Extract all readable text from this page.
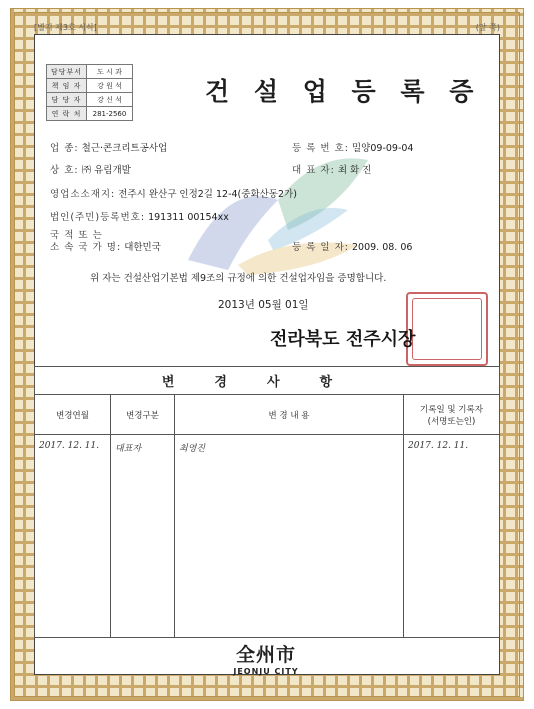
[별지 제3호 서식]	(앞 쪽)
담당부서	도 시 과
책 임 자	강 원 석
담 당 자	강 신 석
연 락 처	281-2560
건 설 업 등 록 증
업 종: 철근·콘크리트공사업	등 록 번 호: 밀양09-09-04
상 호: ㈜ 유림개발	대 표 자: 최 화 진
영업소소재지: 전주시 완산구 인정2길 12-4(중화산동2가)
법인(주민)등록번호: 191311 00154xx
국 적 또 는
소 속 국 가 명: 대한민국	등 록 일 자: 2009. 08. 06
위 자는 건설산업기본법 제9조의 규정에 의한 건설업자임을 증명합니다.
2013년 05월 01일
전라북도 전주시장
변경사항			
변경연월	변경구분	변 경 내 용	기록일 및 기록자
(서명또는인)

2017. 12. 11.	대표자	최영진	2017. 12. 11.
全州市
JEONJU CITY
